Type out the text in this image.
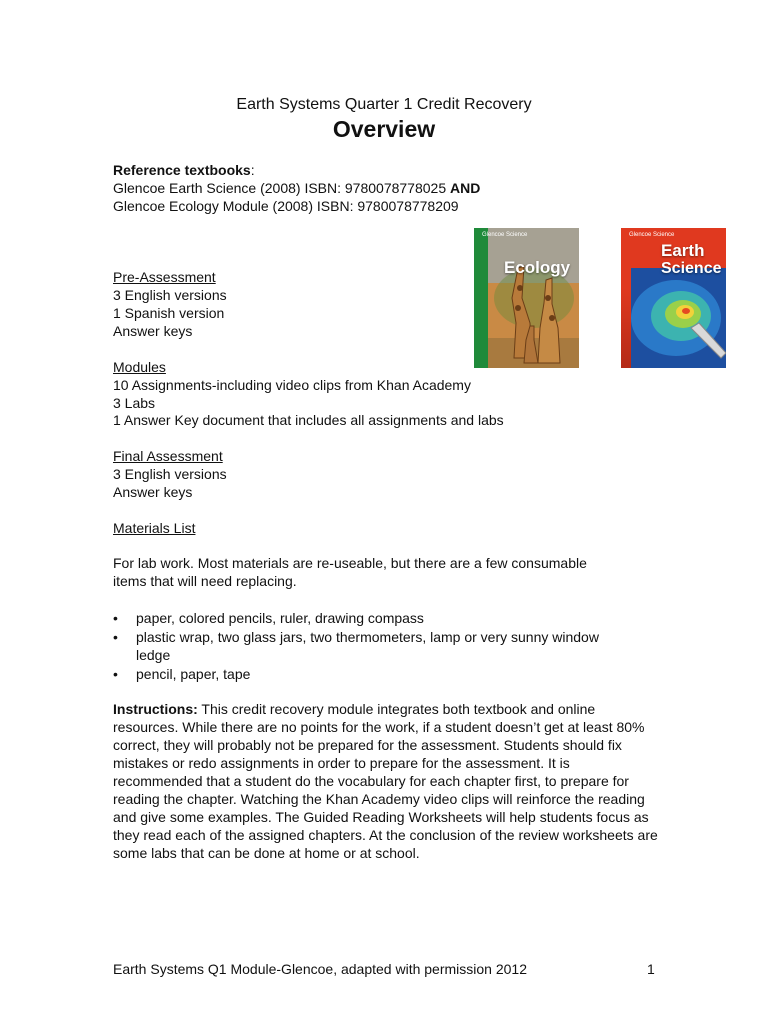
Earth Systems Quarter 1 Credit Recovery
Overview
Reference textbooks:
Glencoe Earth Science (2008) ISBN: 9780078778025 AND
Glencoe Ecology Module (2008) ISBN: 9780078778209
Pre-Assessment
3 English versions
1 Spanish version
Answer keys
Modules
10 Assignments-including video clips from Khan Academy
3 Labs
1 Answer Key document that includes all assignments and labs
Final Assessment
3 English versions
Answer keys
Materials List
For lab work. Most materials are re-useable, but there are a few consumable
items that will need replacing.
• paper, colored pencils, ruler, drawing compass
• plastic wrap, two glass jars, two thermometers, lamp or very sunny window
ledge
• pencil, paper, tape
Instructions: This credit recovery module integrates both textbook and online resources. While there are no points for the work, if a student doesn’t get at least 80% correct, they will probably not be prepared for the assessment. Students should fix mistakes or redo assignments in order to prepare for the assessment. It is recommended that a student do the vocabulary for each chapter first, to prepare for reading the chapter. Watching the Khan Academy video clips will reinforce the reading and give some examples. The Guided Reading Worksheets will help students focus as they read each of the assigned chapters. At the conclusion of the review worksheets are some labs that can be done at home or at school.
Glencoe Science
Ecology
Glencoe Science
Earth
Science
Earth Systems Q1 Module-Glencoe, adapted with permission 2012	1
